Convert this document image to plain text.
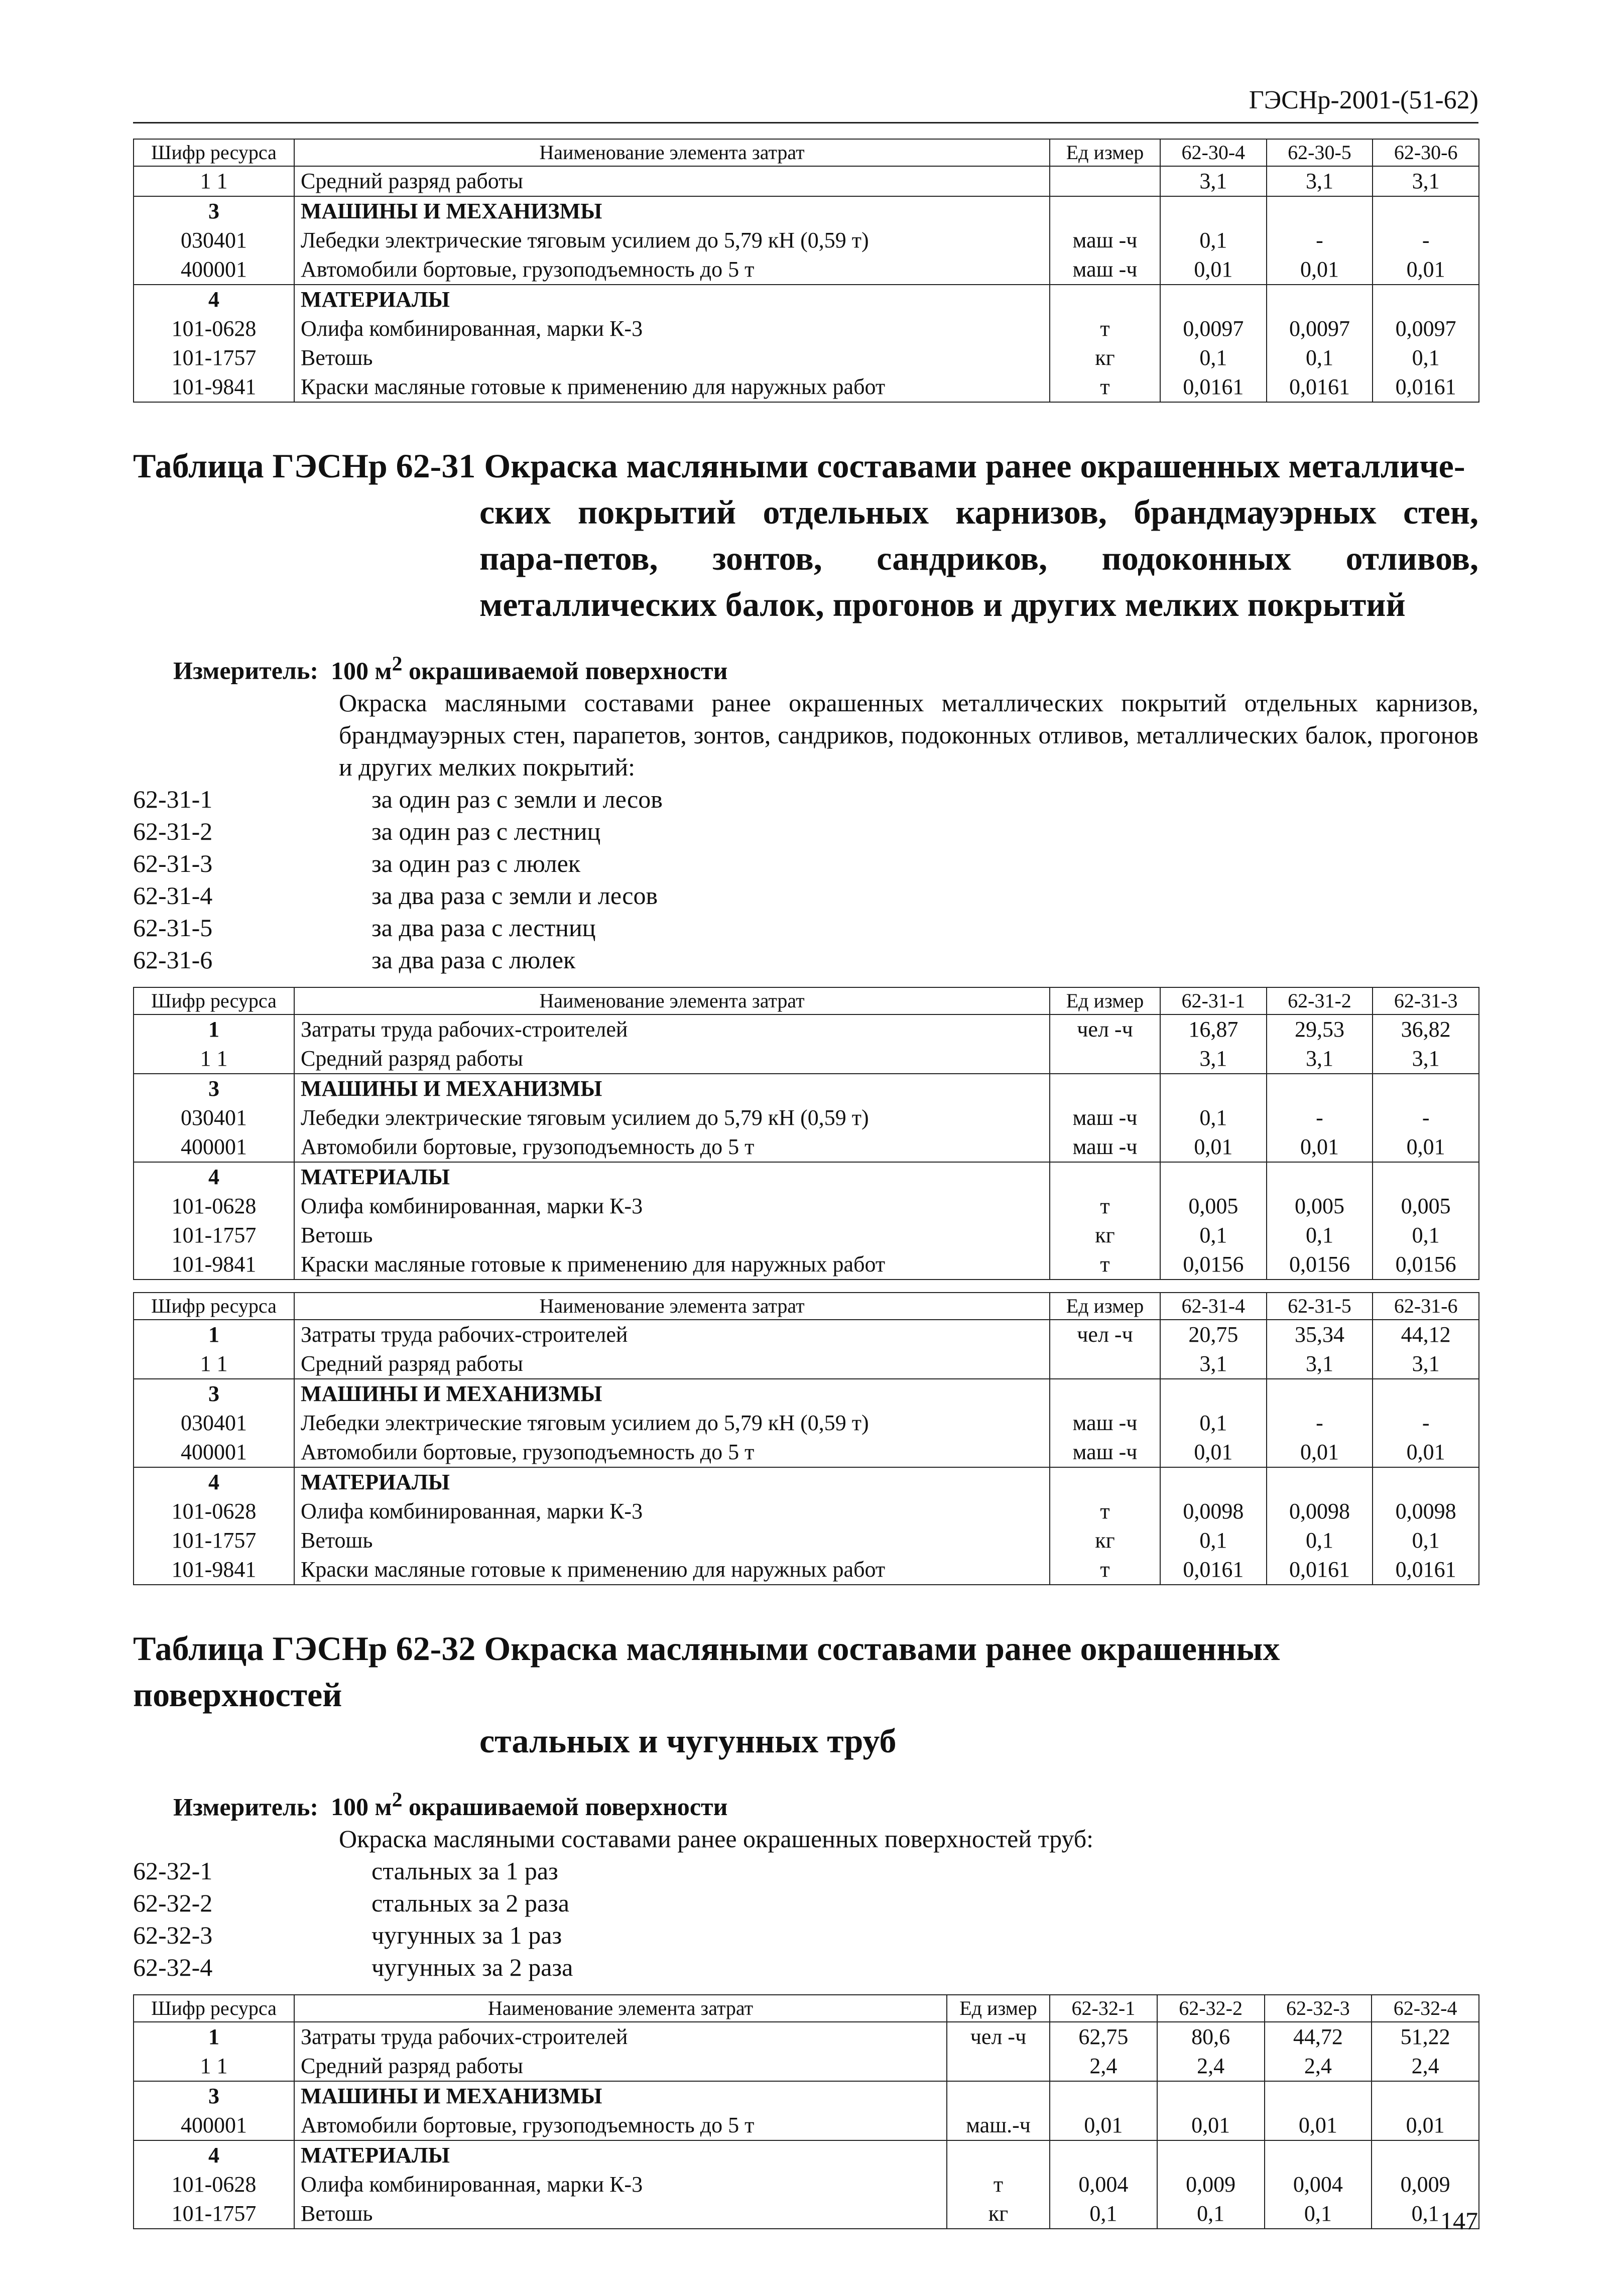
ГЭСНр-2001-(51-62)
Шифр ресурса	Наименование элемента затрат	Ед измер	62-30-4	62-30-5	62-30-6
1 1	Средний разряд работы		3,1	3,1	3,1
3	МАШИНЫ И МЕХАНИЗМЫ				
030401	Лебедки электрические тяговым усилием до 5,79 кН (0,59 т)	маш -ч	0,1	-	-
400001	Автомобили бортовые, грузоподъемность до 5 т	маш -ч	0,01	0,01	0,01
4	МАТЕРИАЛЫ				
101-0628	Олифа комбинированная, марки К-3	т	0,0097	0,0097	0,0097
101-1757	Ветошь	кг	0,1	0,1	0,1
101-9841	Краски масляные готовые к применению для наружных работ	т	0,0161	0,0161	0,0161
Таблица ГЭСНр 62-31 Окраска масляными составами ранее окрашенных металличе-
ских покрытий отдельных карнизов, брандмауэрных стен, пара-петов, зонтов, сандриков, подоконных отливов, металлических балок, прогонов и других мелких покрытий
Измеритель: 100 $м^2$ окрашиваемой поверхности
Окраска масляными составами ранее окрашенных металлических покрытий отдельных карнизов, брандмауэрных стен, парапетов, зонтов, сандриков, подоконных отливов, металлических балок, прогонов и других мелких покрытий:
62-31-1	за один раз с земли и лесов
62-31-2	за один раз с лестниц
62-31-3	за один раз с люлек
62-31-4	за два раза с земли и лесов
62-31-5	за два раза с лестниц
62-31-6	за два раза с люлек
Шифр ресурса	Наименование элемента затрат	Ед измер	62-31-1	62-31-2	62-31-3
1	Затраты труда рабочих-строителей	чел -ч	16,87	29,53	36,82
1 1	Средний разряд работы		3,1	3,1	3,1
3	МАШИНЫ И МЕХАНИЗМЫ				
030401	Лебедки электрические тяговым усилием до 5,79 кН (0,59 т)	маш -ч	0,1	-	-
400001	Автомобили бортовые, грузоподъемность до 5 т	маш -ч	0,01	0,01	0,01
4	МАТЕРИАЛЫ				
101-0628	Олифа комбинированная, марки К-3	т	0,005	0,005	0,005
101-1757	Ветошь	кг	0,1	0,1	0,1
101-9841	Краски масляные готовые к применению для наружных работ	т	0,0156	0,0156	0,0156
Шифр ресурса	Наименование элемента затрат	Ед измер	62-31-4	62-31-5	62-31-6
1	Затраты труда рабочих-строителей	чел -ч	20,75	35,34	44,12
1 1	Средний разряд работы		3,1	3,1	3,1
3	МАШИНЫ И МЕХАНИЗМЫ				
030401	Лебедки электрические тяговым усилием до 5,79 кН (0,59 т)	маш -ч	0,1	-	-
400001	Автомобили бортовые, грузоподъемность до 5 т	маш -ч	0,01	0,01	0,01
4	МАТЕРИАЛЫ				
101-0628	Олифа комбинированная, марки К-3	т	0,0098	0,0098	0,0098
101-1757	Ветошь	кг	0,1	0,1	0,1
101-9841	Краски масляные готовые к применению для наружных работ	т	0,0161	0,0161	0,0161
Таблица ГЭСНр 62-32 Окраска масляными составами ранее окрашенных поверхностей
стальных и чугунных труб
Измеритель: 100 $м^2$ окрашиваемой поверхности
Окраска масляными составами ранее окрашенных поверхностей труб:
62-32-1	стальных за 1 раз
62-32-2	стальных за 2 раза
62-32-3	чугунных за 1 раз
62-32-4	чугунных за 2 раза
Шифр ресурса	Наименование элемента затрат	Ед измер	62-32-1	62-32-2	62-32-3	62-32-4
1	Затраты труда рабочих-строителей	чел -ч	62,75	80,6	44,72	51,22
1 1	Средний разряд работы		2,4	2,4	2,4	2,4
3	МАШИНЫ И МЕХАНИЗМЫ					
400001	Автомобили бортовые, грузоподъемность до 5 т	маш.-ч	0,01	0,01	0,01	0,01
4	МАТЕРИАЛЫ					
101-0628	Олифа комбинированная, марки К-3	т	0,004	0,009	0,004	0,009
101-1757	Ветошь	кг	0,1	0,1	0,1	0,1 147
